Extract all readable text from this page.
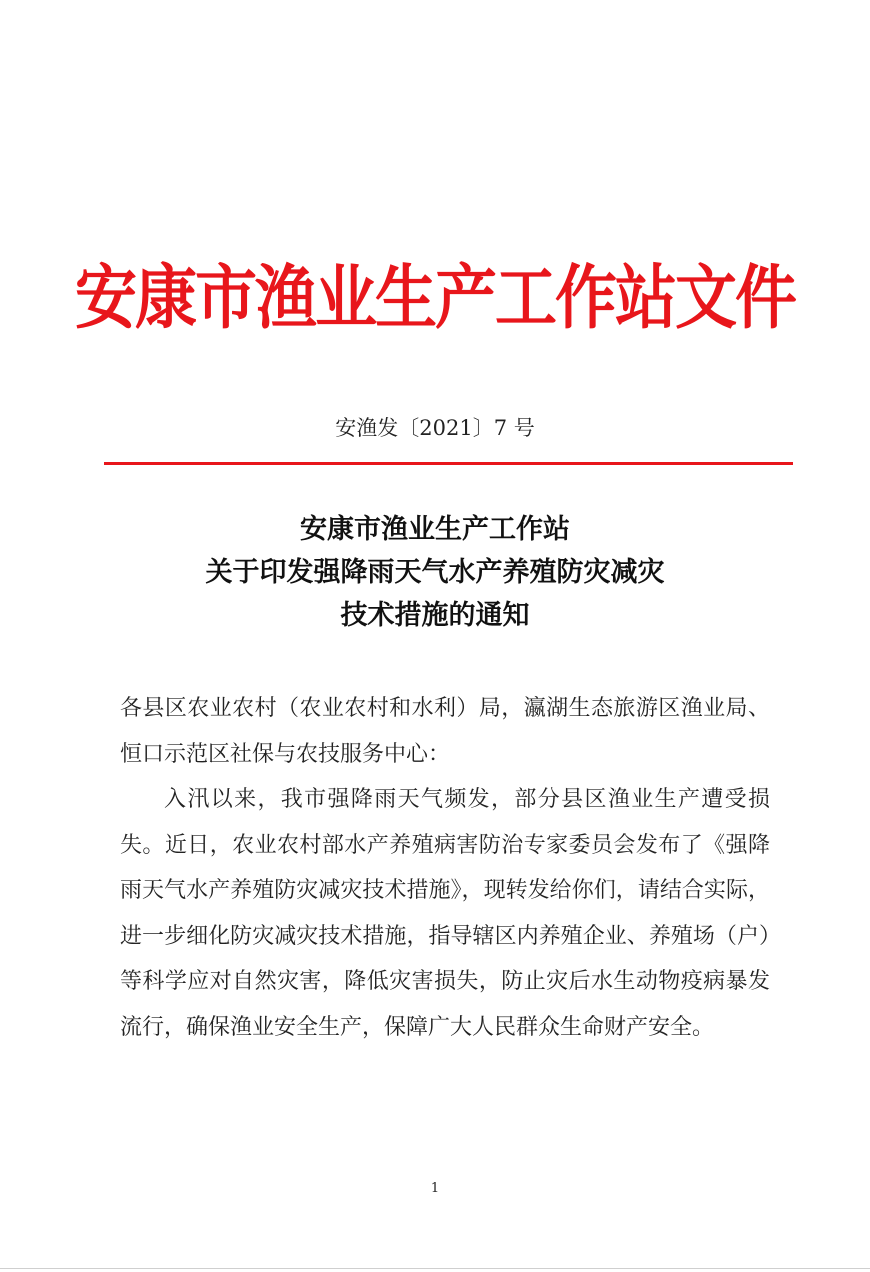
安康市渔业生产工作站文件
安渔发〔2021〕7 号
安康市渔业生产工作站
关于印发强降雨天气水产养殖防灾减灾
技术措施的通知

各县区农业农村（农业农村和水利）局，瀛湖生态旅游区渔业局、恒口示范区社保与农技服务中心：

入汛以来，我市强降雨天气频发，部分县区渔业生产遭受损失。近日，农业农村部水产养殖病害防治专家委员会发布了《强降雨天气水产养殖防灾减灾技术措施》，现转发给你们，请结合实际，进一步细化防灾减灾技术措施，指导辖区内养殖企业、养殖场（户）等科学应对自然灾害，降低灾害损失，防止灾后水生动物疫病暴发流行，确保渔业安全生产，保障广大人民群众生命财产安全。

1
